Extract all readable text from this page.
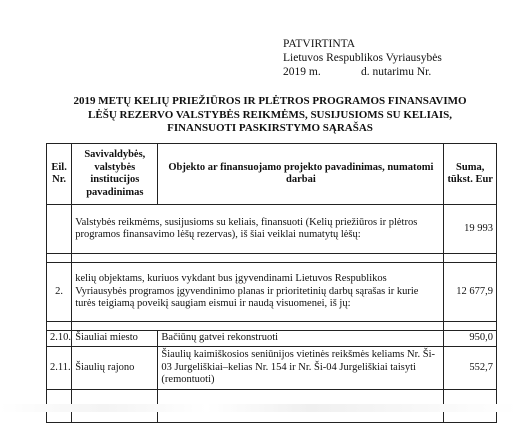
PATVIRTINTA
Lietuvos Respublikos Vyriausybės
2019 m.              d. nutarimu Nr.
2019 METŲ KELIŲ PRIEŽIŪROS IR PLĖTROS PROGRAMOS FINANSAVIMO
LĖŠŲ REZERVO VALSTYBĖS REIKMĖMS, SUSIJUSIOMS SU KELIAIS,
FINANSUOTI PASKIRSTYMO SĄRAŠAS
Eil. Nr.	Savivaldybės, valstybės institucijos pavadinimas	Objekto ar finansuojamo projekto pavadinimas, numatomi darbai	Suma, tūkst. Eur
	Valstybės reikmėms, susijusioms su keliais, finansuoti (Kelių priežiūros ir plėtros programos finansavimo lėšų rezervas), iš šiai veiklai numatytų lėšų:		19 993

2.	kelių objektams, kuriuos vykdant bus įgyvendinami Lietuvos Respublikos Vyriausybės programos įgyvendinimo planas ir prioritetinių darbų sąrašas ir kurie turės teigiamą poveikį saugiam eismui ir naudą visuomenei, iš jų:		12 677,9

2.10.	Šiauliai miesto	Bačiūnų gatvei rekonstruoti	950,0
2.11.	Šiaulių rajono	Šiaulių kaimiškosios seniūnijos vietinės reikšmės keliams Nr. Ši-03 Jurgeliškiai–kelias Nr. 154 ir Nr. Ši-04 Jurgeliškiai taisyti (remontuoti)	552,7
